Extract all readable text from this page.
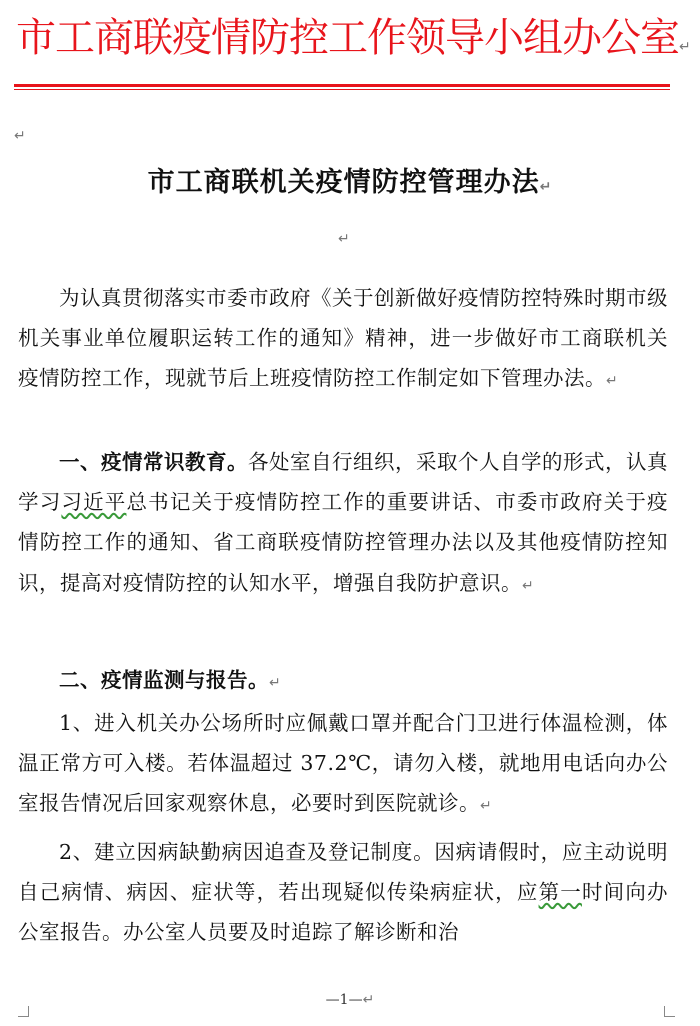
市工商联疫情防控工作领导小组办公室↵
↵
市工商联机关疫情防控管理办法↵
↵
为认真贯彻落实市委市政府《关于创新做好疫情防控特殊时期市级机关事业单位履职运转工作的通知》精神，进一步做好市工商联机关疫情防控工作，现就节后上班疫情防控工作制定如下管理办法。↵
一、疫情常识教育。各处室自行组织，采取个人自学的形式，认真学习习近平总书记关于疫情防控工作的重要讲话、市委市政府关于疫情防控工作的通知、省工商联疫情防控管理办法以及其他疫情防控知识，提高对疫情防控的认知水平，增强自我防护意识。↵
二、疫情监测与报告。↵
1、进入机关办公场所时应佩戴口罩并配合门卫进行体温检测，体温正常方可入楼。若体温超过 37.2℃，请勿入楼，就地用电话向办公室报告情况后回家观察休息，必要时到医院就诊。↵
2、建立因病缺勤病因追查及登记制度。因病请假时，应主动说明自己病情、病因、症状等，若出现疑似传染病症状，应第一时间向办公室报告。办公室人员要及时追踪了解诊断和治
—1—↵
